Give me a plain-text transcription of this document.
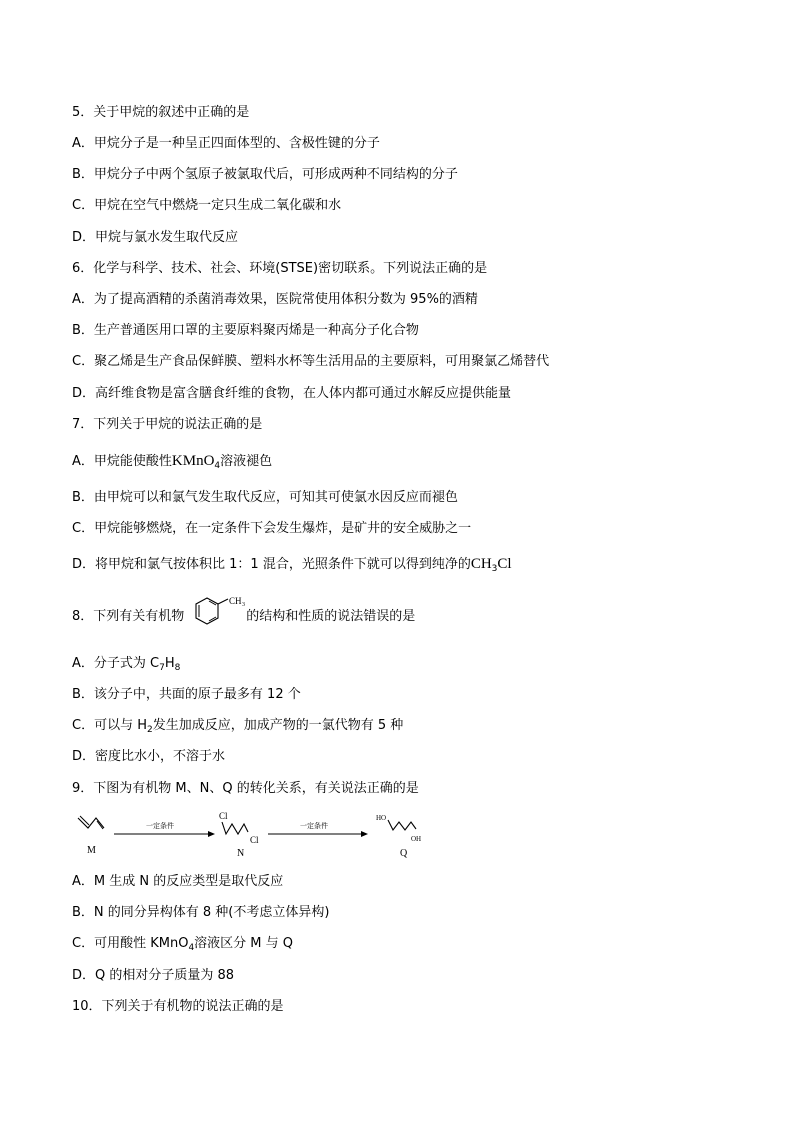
5．关于甲烷的叙述中正确的是
A．甲烷分子是一种呈正四面体型的、含极性键的分子
B．甲烷分子中两个氢原子被氯取代后，可形成两种不同结构的分子
C．甲烷在空气中燃烧一定只生成二氧化碳和水
D．甲烷与氯水发生取代反应
6．化学与科学、技术、社会、环境(STSE)密切联系。下列说法正确的是
A．为了提高酒精的杀菌消毒效果，医院常使用体积分数为 95%的酒精
B．生产普通医用口罩的主要原料聚丙烯是一种高分子化合物
C．聚乙烯是生产食品保鲜膜、塑料水杯等生活用品的主要原料，可用聚氯乙烯替代
D．高纤维食物是富含膳食纤维的食物，在人体内都可通过水解反应提供能量
7．下列关于甲烷的说法正确的是
A．甲烷能使酸性KMnO$_4$溶液褪色
B．由甲烷可以和氯气发生取代反应，可知其可使氯水因反应而褪色
C．甲烷能够燃烧，在一定条件下会发生爆炸，是矿井的安全威胁之一
D．将甲烷和氯气按体积比 1：1 混合，光照条件下就可以得到纯净的$CH_3Cl$
8．下列有关有机物	的结构和性质的说法错误的是
CH 3
A．分子式为 $C_7H_8$
B．该分子中，共面的原子最多有 12 个
C．可以与 $H_2$发生加成反应，加成产物的一氯代物有 5 种
D．密度比水小，不溶于水
9．下图为有机物 M、N、Q 的转化关系，有关说法正确的是
M
一定条件
Cl
Cl
N
一定条件
HO
OH
Q
A．M 生成 N 的反应类型是取代反应
B．N 的同分异构体有 8 种(不考虑立体异构)
C．可用酸性 KMnO$_4$溶液区分 M 与 Q
D．Q 的相对分子质量为 88
10．下列关于有机物的说法正确的是
